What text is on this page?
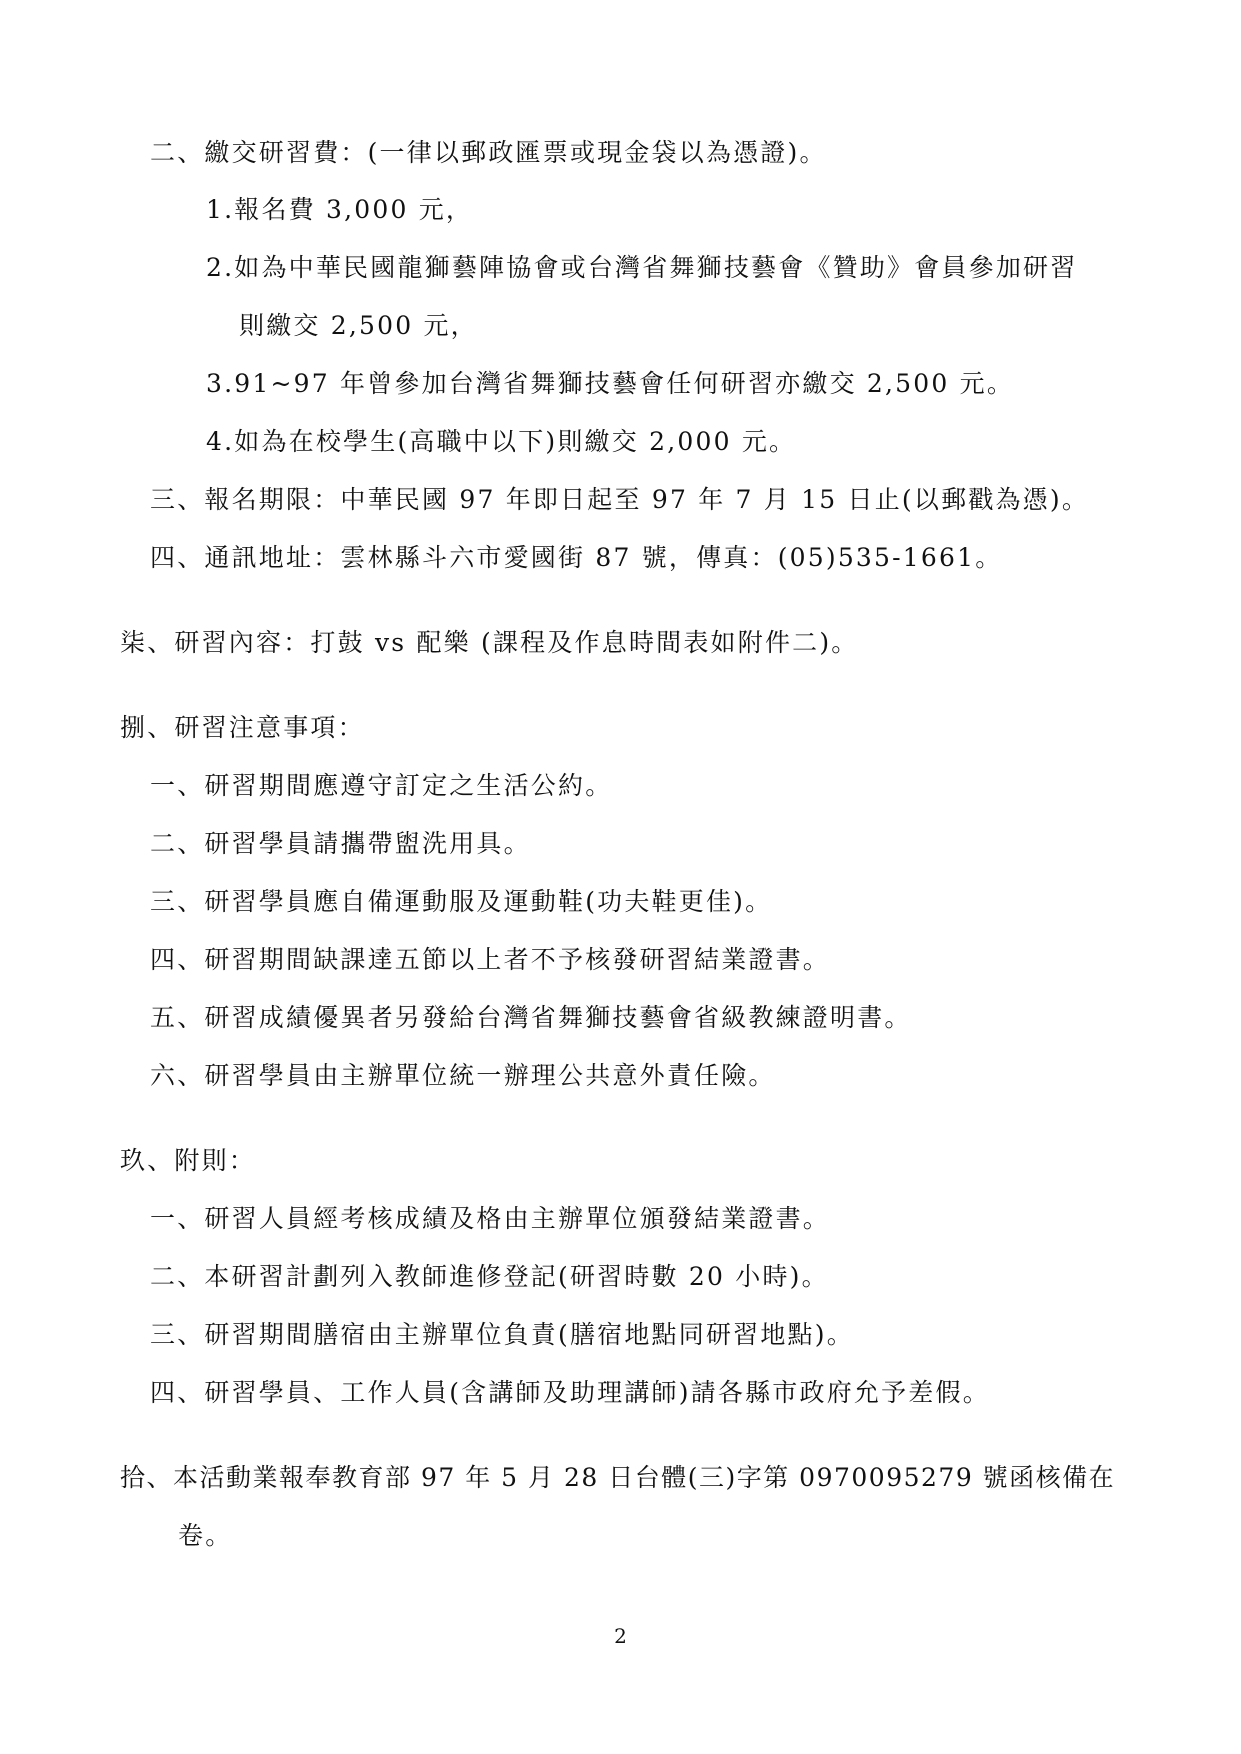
二、繳交研習費：(一律以郵政匯票或現金袋以為憑證)。
1.報名費 3,000 元，
2.如為中華民國龍獅藝陣協會或台灣省舞獅技藝會《贊助》會員參加研習
則繳交 2,500 元，
3.91~97 年曾參加台灣省舞獅技藝會任何研習亦繳交 2,500 元。
4.如為在校學生(高職中以下)則繳交 2,000 元。
三、報名期限：中華民國 97 年即日起至 97 年 7 月 15 日止(以郵戳為憑)。
四、通訊地址：雲林縣斗六市愛國街 87 號，傳真：(05)535-1661。
柒、研習內容：打鼓 vs 配樂 (課程及作息時間表如附件二)。
捌、研習注意事項：
一、研習期間應遵守訂定之生活公約。
二、研習學員請攜帶盥洗用具。
三、研習學員應自備運動服及運動鞋(功夫鞋更佳)。
四、研習期間缺課達五節以上者不予核發研習結業證書。
五、研習成績優異者另發給台灣省舞獅技藝會省級教練證明書。
六、研習學員由主辦單位統一辦理公共意外責任險。
玖、附則：
一、研習人員經考核成績及格由主辦單位頒發結業證書。
二、本研習計劃列入教師進修登記(研習時數 20 小時)。
三、研習期間膳宿由主辦單位負責(膳宿地點同研習地點)。
四、研習學員、工作人員(含講師及助理講師)請各縣市政府允予差假。
拾、本活動業報奉教育部 97 年 5 月 28 日台體(三)字第 0970095279 號函核備在
卷。
2
